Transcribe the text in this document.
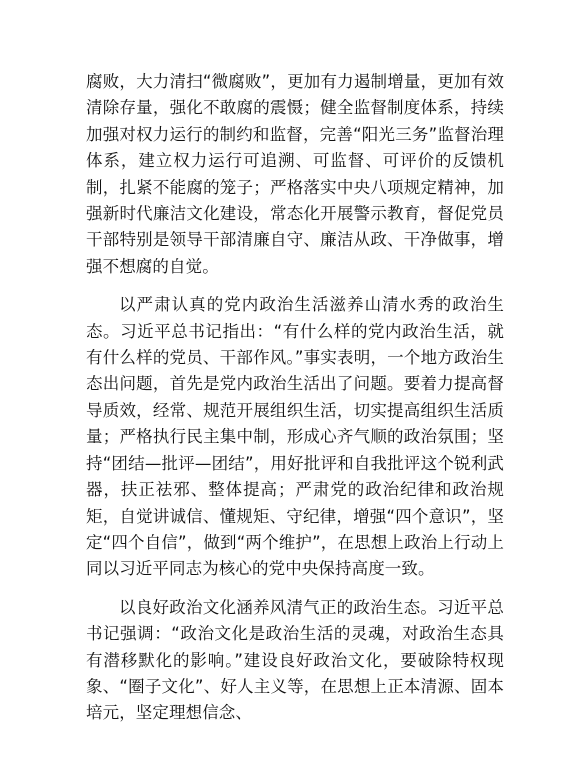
腐败，大力清扫“微腐败”，更加有力遏制增量，更加有效清除存量，强化不敢腐的震慑；健全监督制度体系，持续加强对权力运行的制约和监督，完善“阳光三务”监督治理体系，建立权力运行可追溯、可监督、可评价的反馈机制，扎紧不能腐的笼子；严格落实中央八项规定精神，加强新时代廉洁文化建设，常态化开展警示教育，督促党员干部特别是领导干部清廉自守、廉洁从政、干净做事，增强不想腐的自觉。

以严肃认真的党内政治生活滋养山清水秀的政治生态。习近平总书记指出：“有什么样的党内政治生活，就有什么样的党员、干部作风。”事实表明，一个地方政治生态出问题，首先是党内政治生活出了问题。要着力提高督导质效，经常、规范开展组织生活，切实提高组织生活质量；严格执行民主集中制，形成心齐气顺的政治氛围；坚持“团结—批评—团结”，用好批评和自我批评这个锐利武器，扶正祛邪、整体提高；严肃党的政治纪律和政治规矩，自觉讲诚信、懂规矩、守纪律，增强“四个意识”，坚定“四个自信”，做到“两个维护”，在思想上政治上行动上同以习近平同志为核心的党中央保持高度一致。

以良好政治文化涵养风清气正的政治生态。习近平总书记强调：“政治文化是政治生活的灵魂，对政治生态具有潜移默化的影响。”建设良好政治文化，要破除特权现象、“圈子文化”、好人主义等，在思想上正本清源、固本培元，坚定理想信念、
